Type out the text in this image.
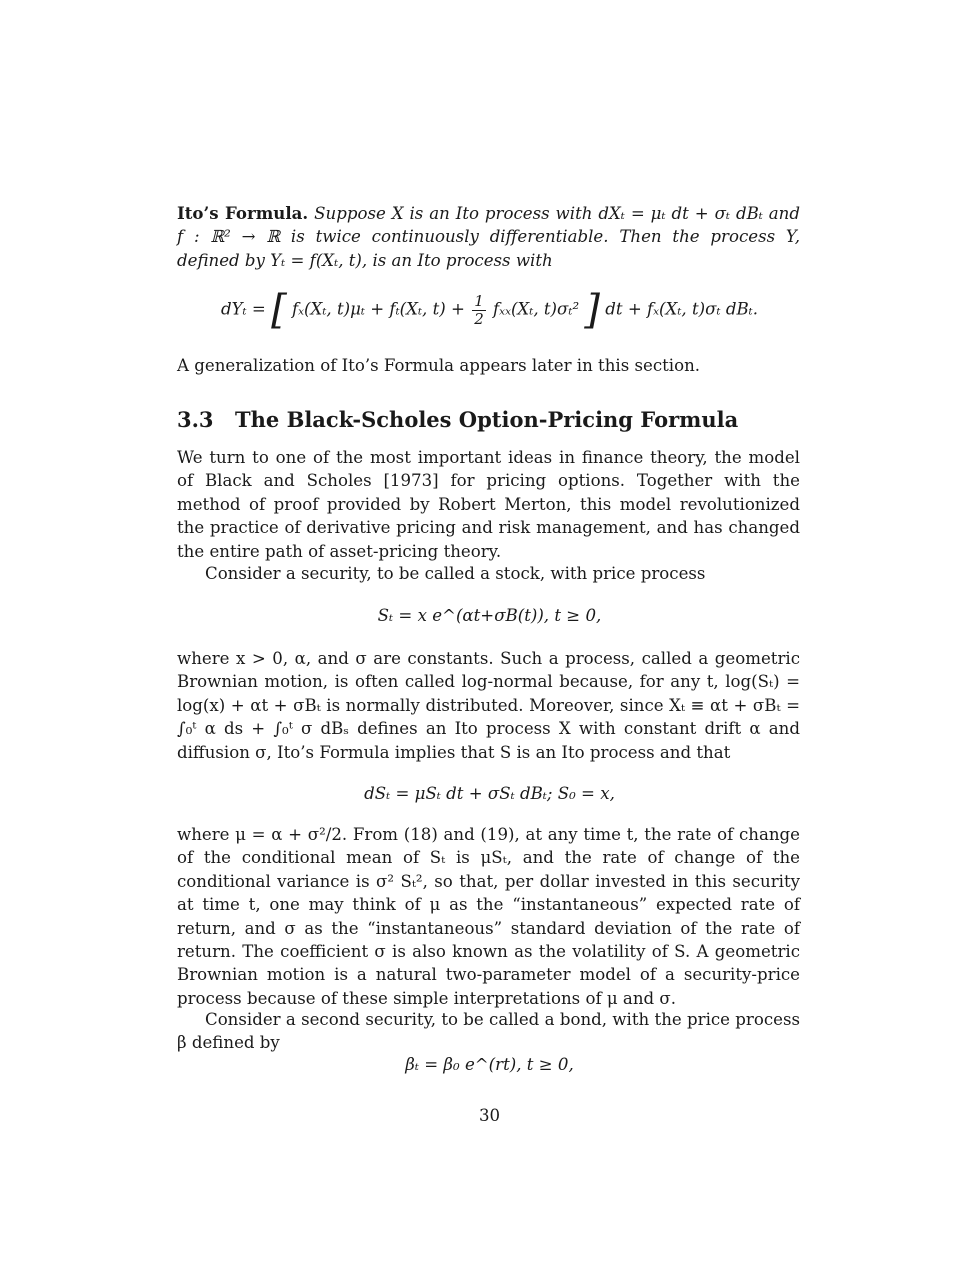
Ito’s Formula. Suppose X is an Ito process with dXₜ = μₜ dt + σₜ dBₜ and f : ℝ² → ℝ is twice continuously differentiable. Then the process Y, defined by Yₜ = f(Xₜ, t), is an Ito process with
dYₜ = [ fₓ(Xₜ, t)μₜ + fₜ(Xₜ, $t) + \frac{1}{2} f_{xx}(X_t$, t)σₜ² ] dt + fₓ(Xₜ, t)σₜ dBₜ.
A generalization of Ito’s Formula appears later in this section.
3.3 The Black-Scholes Option-Pricing Formula
We turn to one of the most important ideas in finance theory, the model of Black and Scholes [1973] for pricing options. Together with the method of proof provided by Robert Merton, this model revolutionized the practice of derivative pricing and risk management, and has changed the entire path of asset-pricing theory.
Consider a security, to be called a stock, with price process
Sₜ = x e^(αt+σB(t)), t ≥ 0,
where x > 0, α, and σ are constants. Such a process, called a geometric Brownian motion, is often called log-normal because, for any t, log(Sₜ) = log(x) + αt + σBₜ is normally distributed. Moreover, since Xₜ ≡ αt + σBₜ = ∫₀ᵗ α ds + ∫₀ᵗ σ dBₛ defines an Ito process X with constant drift α and diffusion σ, Ito’s Formula implies that S is an Ito process and that
dSₜ = μSₜ dt + σSₜ dBₜ; S₀ = x,
where μ = α + σ²/2. From (18) and (19), at any time t, the rate of change of the conditional mean of Sₜ is μSₜ, and the rate of change of the conditional variance is σ² Sₜ², so that, per dollar invested in this security at time t, one may think of μ as the “instantaneous” expected rate of return, and σ as the “instantaneous” standard deviation of the rate of return. The coefficient σ is also known as the volatility of S. A geometric Brownian motion is a natural two-parameter model of a security-price process because of these simple interpretations of μ and σ.
Consider a second security, to be called a bond, with the price process β defined by
βₜ = β₀ e^(rt), t ≥ 0,
30
